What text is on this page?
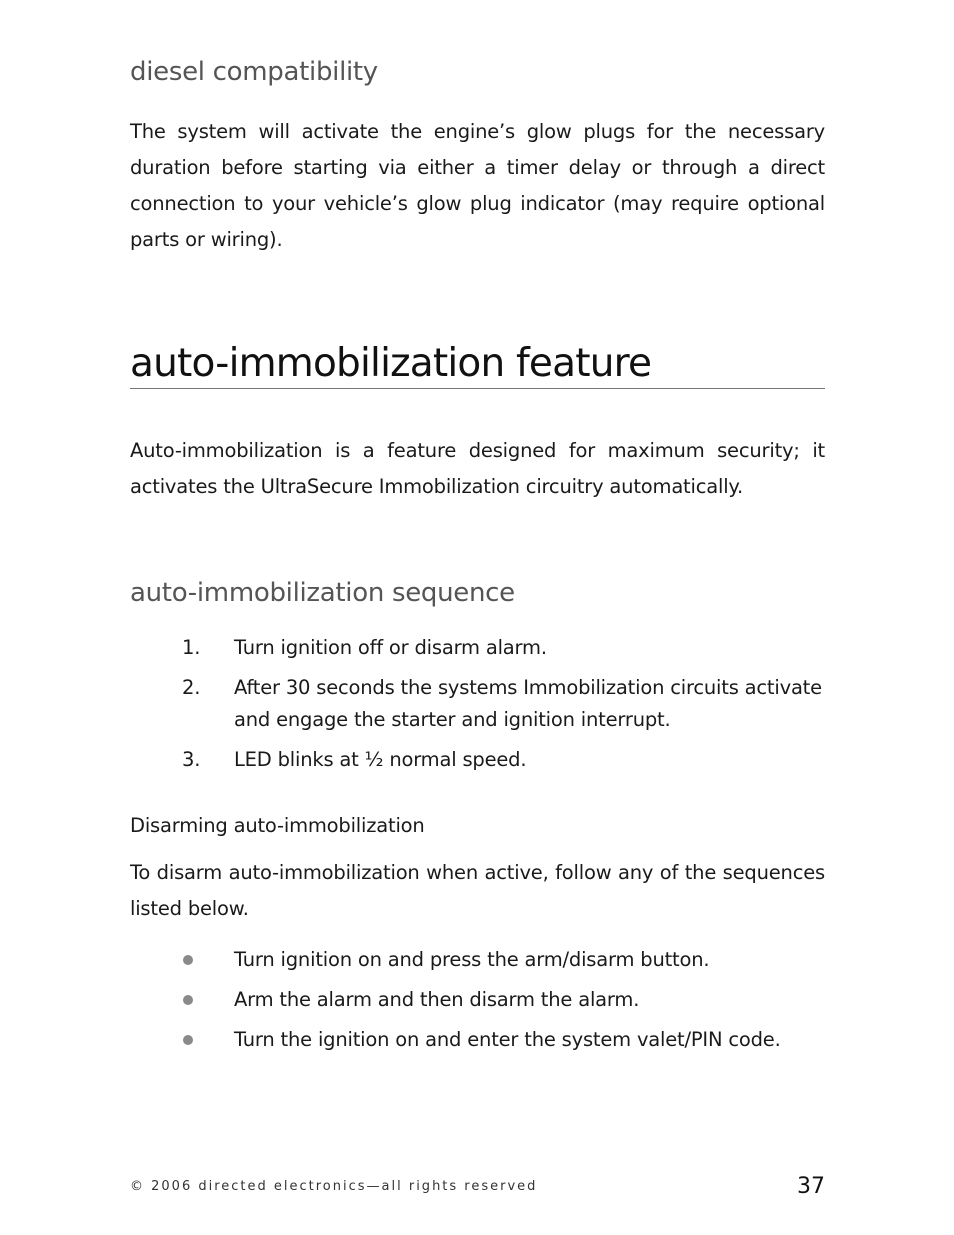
diesel compatibility

The system will activate the engine’s glow plugs for the necessary duration before starting via either a timer delay or through a direct connection to your vehicle’s glow plug indicator (may require optional parts or wiring).

auto-immobilization feature

Auto-immobilization is a feature designed for maximum security; it activates the UltraSecure Immobilization circuitry automatically.

auto-immobilization sequence
1. Turn ignition off or disarm alarm.
2. After 30 seconds the systems Immobilization circuits activate and engage the starter and ignition interrupt.
3. LED blinks at ½ normal speed.
Disarming auto-immobilization

To disarm auto-immobilization when active, follow any of the sequences listed below.

Turn ignition on and press the arm/disarm button.
Arm the alarm and then disarm the alarm.
Turn the ignition on and enter the system valet/PIN code.

© 2006 directed electronics—all rights reserved	37
